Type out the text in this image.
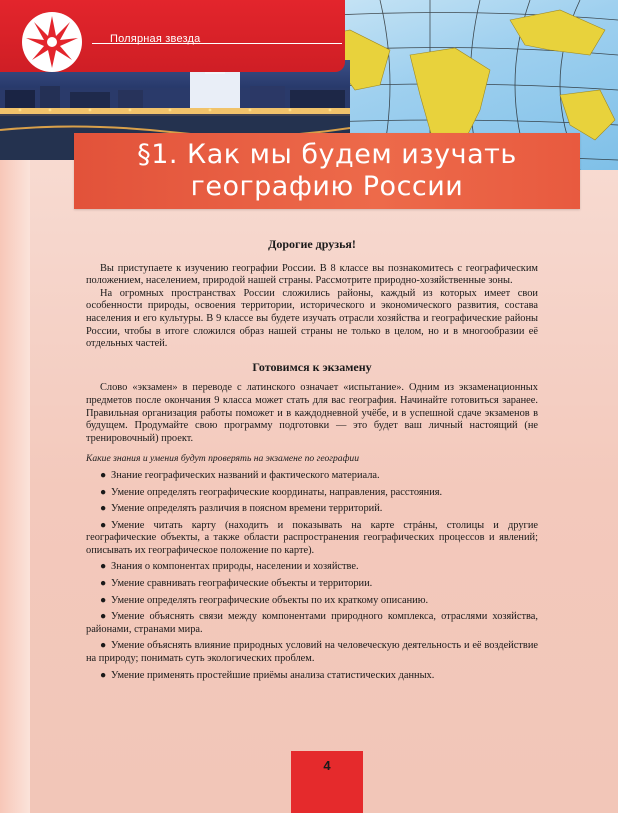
Полярная звезда
§1. Как мы будем изучать
географию России
Дорогие друзья!

Вы приступаете к изучению географии России. В 8 классе вы познакомитесь с географическим положением, населением, природой нашей страны. Рассмотрите природно-хозяйственные зоны.

На огромных пространствах России сложились районы, каждый из которых имеет свои особенности природы, освоения территории, исторического и экономического развития, состава населения и его культуры. В 9 классе вы будете изучать отрасли хозяйства и географические районы России, чтобы в итоге сложился образ нашей страны не только в целом, но и в многообразии её отдельных частей.

Готовимся к экзамену

Слово «экзамен» в переводе с латинского означает «испытание». Одним из экзаменационных предметов после окончания 9 класса может стать для вас география. Начинайте готовиться заранее. Правильная организация работы поможет и в каждодневной учёбе, и в успешной сдаче экзаменов в будущем. Продумайте свою программу подготовки — это будет ваш личный настоящий (не тренировочный) проект.

Какие знания и умения будут проверять на экзамене по географии

● Знание географических названий и фактического материала.
● Умение определять географические координаты, направления, расстояния.
● Умение определять различия в поясном времени территорий.
● Умение читать карту (находить и показывать на карте стрáны, столицы и другие географические объекты, а также области распространения географических процессов и явлений; описывать их географическое положение по карте).
● Знания о компонентах природы, населении и хозяйстве.
● Умение сравнивать географические объекты и территории.
● Умение определять географические объекты по их краткому описанию.
● Умение объяснять связи между компонентами природного комплекса, отраслями хозяйства, районами, странами мира.
● Умение объяснять влияние природных условий на человеческую деятельность и её воздействие на природу; понимать суть экологических проблем.
● Умение применять простейшие приёмы анализа статистических данных.
4
